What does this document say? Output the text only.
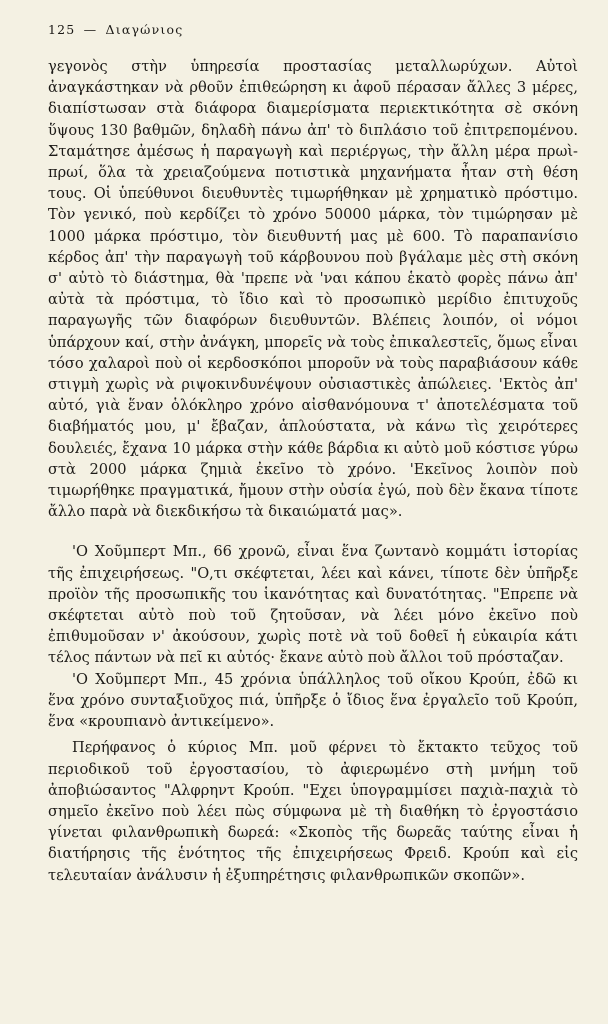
125 — Διαγώνιος

γεγονὸς στὴν ὑπηρεσία προστασίας μεταλλωρύχων. Αὐτοὶ ἀναγκάστηκαν νὰ ρθοῦν ἐπιθεώρηση κι ἀφοῦ πέρασαν ἄλλες 3 μέρες, διαπίστωσαν στὰ διάφορα διαμερίσματα περιεκτικότητα σὲ σκόνη ὕψους 130 βαθμῶν, δηλαδὴ πάνω ἀπ' τὸ διπλάσιο τοῦ ἐπιτρεπομένου. Σταμάτησε ἀμέσως ἡ παραγωγὴ καὶ περιέργως, τὴν ἄλλη μέρα πρωὶ-πρωί, ὅλα τὰ χρειαζούμενα ποτιστικὰ μηχανήματα ἦταν στὴ θέση τους. Οἱ ὑπεύθυνοι διευθυντὲς τιμωρήθηκαν μὲ χρηματικὸ πρόστιμο. Τὸν γενικό, ποὺ κερδίζει τὸ χρόνο 50000 μάρκα, τὸν τιμώρησαν μὲ 1000 μάρκα πρόστιμο, τὸν διευθυντή μας μὲ 600. Τὸ παραπανίσιο κέρδος ἀπ' τὴν παραγωγὴ τοῦ κάρβουνου ποὺ βγάλαμε μὲς στὴ σκόνη σ' αὐτὸ τὸ διάστημα, θὰ 'πρεπε νὰ 'ναι κάπου ἑκατὸ φορὲς πάνω ἀπ' αὐτὰ τὰ πρόστιμα, τὸ ἴδιο καὶ τὸ προσωπικὸ μερίδιο ἐπιτυχοῦς παραγωγῆς τῶν διαφόρων διευθυντῶν. Βλέπεις λοιπόν, οἱ νόμοι ὑπάρχουν καί, στὴν ἀνάγκη, μπορεῖς νὰ τοὺς ἐπικαλεστεῖς, ὅμως εἶναι τόσο χαλαροὶ ποὺ οἱ κερδοσκόποι μποροῦν νὰ τοὺς παραβιάσουν κάθε στιγμὴ χωρὶς νὰ ριψοκινδυνέψουν οὐσιαστικὲς ἀπώλειες. 'Εκτὸς ἀπ' αὐτό, γιὰ ἕναν ὁλόκληρο χρόνο αἰσθανόμουνα τ' ἀποτελέσματα τοῦ διαβήματός μου, μ' ἔβαζαν, ἁπλούστατα, νὰ κάνω τὶς χειρότερες δουλειές, ἔχανα 10 μάρκα στὴν κάθε βάρδια κι αὐτὸ μοῦ κόστισε γύρω στὰ 2000 μάρκα ζημιὰ ἐκεῖνο τὸ χρόνο. 'Εκεῖνος λοιπὸν ποὺ τιμωρήθηκε πραγματικά, ἤμουν στὴν οὐσία ἐγώ, ποὺ δὲν ἔκανα τίποτε ἄλλο παρὰ νὰ διεκδικήσω τὰ δικαιώματά μας».

'Ο Χοῦμπερτ Μπ., 66 χρονῶ, εἶναι ἕνα ζωντανὸ κομμάτι ἱστορίας τῆς ἐπιχειρήσεως. "Ο,τι σκέφτεται, λέει καὶ κάνει, τίποτε δὲν ὑπῆρξε προϊὸν τῆς προσωπικῆς του ἱκανότητας καὶ δυνατότητας. "Επρεπε νὰ σκέφτεται αὐτὸ ποὺ τοῦ ζητοῦσαν, νὰ λέει μόνο ἐκεῖνο ποὺ ἐπιθυμοῦσαν ν' ἀκούσουν, χωρὶς ποτὲ νὰ τοῦ δοθεῖ ἡ εὐκαιρία κάτι τέλος πάντων νὰ πεῖ κι αὐτός· ἔκανε αὐτὸ ποὺ ἄλλοι τοῦ πρόσταζαν.

'Ο Χοῦμπερτ Μπ., 45 χρόνια ὑπάλληλος τοῦ οἴκου Κρούπ, ἐδῶ κι ἕνα χρόνο συνταξιοῦχος πιά, ὑπῆρξε ὁ ἴδιος ἕνα ἐργαλεῖο τοῦ Κρούπ, ἕνα «κρουπιανὸ ἀντικείμενο».

Περήφανος ὁ κύριος Μπ. μοῦ φέρνει τὸ ἔκτακτο τεῦχος τοῦ περιοδικοῦ τοῦ ἐργοστασίου, τὸ ἀφιερωμένο στὴ μνήμη τοῦ ἀποβιώσαντος "Αλφρηντ Κρούπ. "Εχει ὑπογραμμίσει παχιὰ-παχιὰ τὸ σημεῖο ἐκεῖνο ποὺ λέει πὼς σύμφωνα μὲ τὴ διαθήκη τὸ ἐργοστάσιο γίνεται φιλανθρωπικὴ δωρεά: «Σκοπὸς τῆς δωρεᾶς ταύτης εἶναι ἡ διατήρησις τῆς ἑνότητος τῆς ἐπιχειρήσεως Φρειδ. Κρούπ καὶ εἰς τελευταίαν ἀνάλυσιν ἡ ἐξυπηρέτησις φιλανθρωπικῶν σκοπῶν».
